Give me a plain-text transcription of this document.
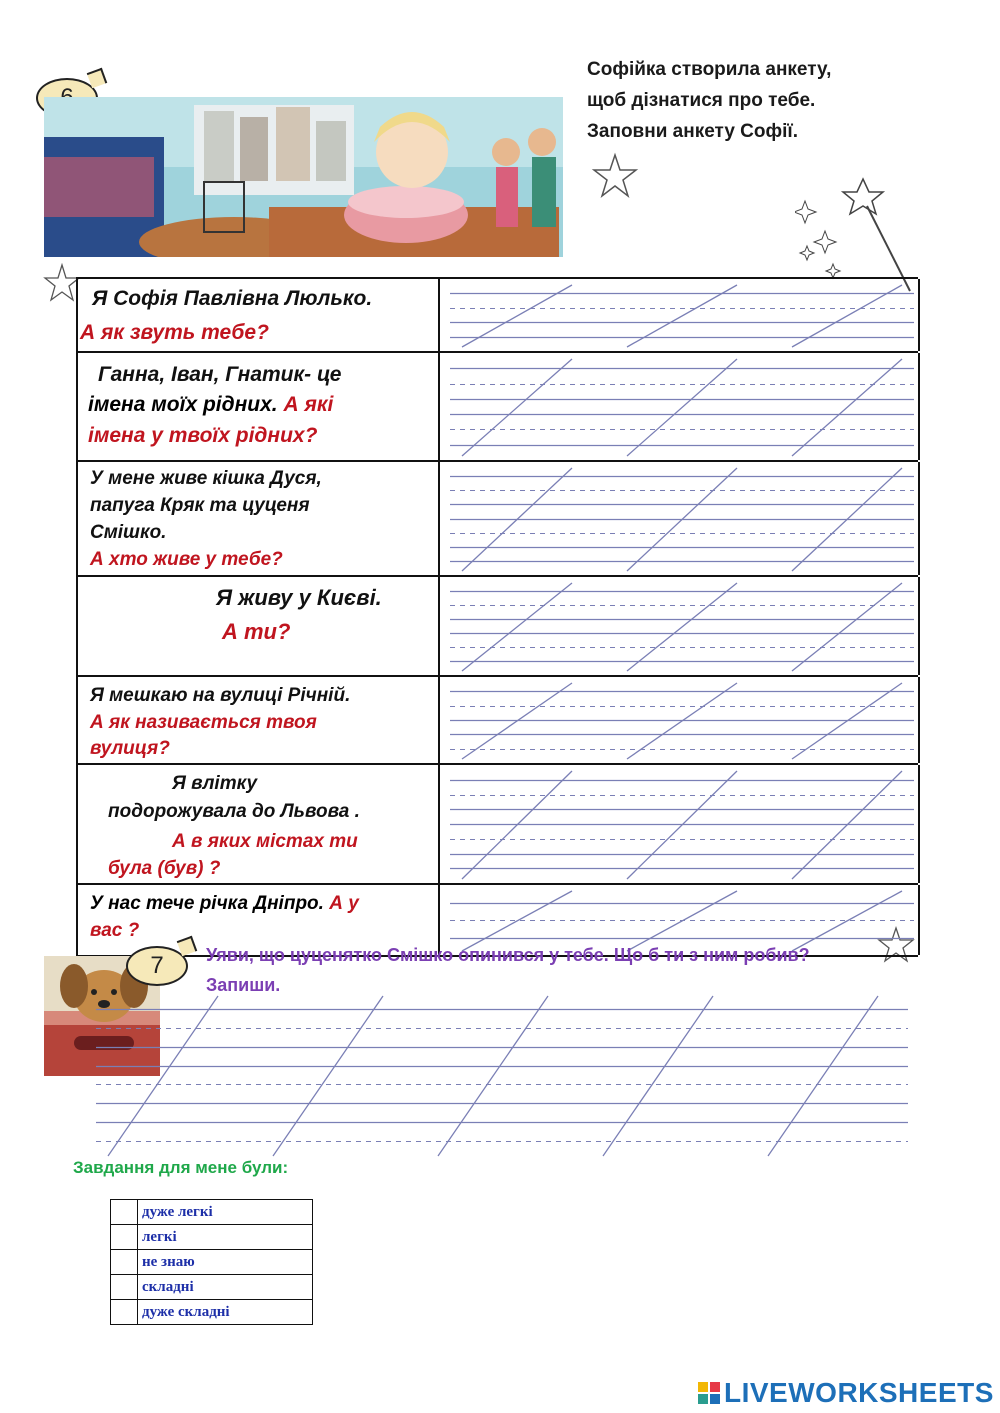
Софійка створила анкету,
щоб дізнатися про тебе.
Заповни анкету Софії.
Я Софія Павлівна Люлько.
А як звуть тебе?
Ганна, Іван, Гнатик- це
імена моїх рідних. А які
імена у твоїх рідних?
У мене живе кішка Дуся,
папуга Кряк та цуценя
Смішко.
А хто живе у тебе?
Я живу у Києві.
А ти?
Я мешкаю на вулиці Річній.
А як називається твоя
вулиця?
Я влітку
подорожувала до Львова .
А в яких містах ти
була (був) ?
У нас тече річка Дніпро. А у
вас ?
7	Уяви, що цуценятко Смішко опинився у тебе. Що б ти з ним робив? Запиши.
Завдання для мене були:
	дуже легкі
	легкі
	не знаю
	складні
	дуже складні
LIVEWORKSHEETS
